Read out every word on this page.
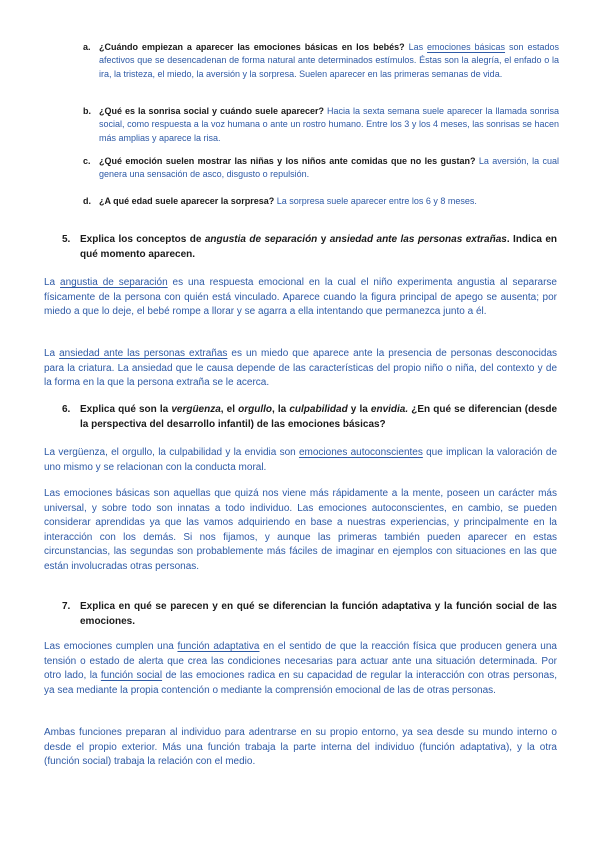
a. ¿Cuándo empiezan a aparecer las emociones básicas en los bebés? Las emociones básicas son estados afectivos que se desencadenan de forma natural ante determinados estímulos. Éstas son la alegría, el enfado o la ira, la tristeza, el miedo, la aversión y la sorpresa. Suelen aparecer en las primeras semanas de vida.
b. ¿Qué es la sonrisa social y cuándo suele aparecer? Hacia la sexta semana suele aparecer la llamada sonrisa social, como respuesta a la voz humana o ante un rostro humano. Entre los 3 y los 4 meses, las sonrisas se hacen más amplias y aparece la risa.
c. ¿Qué emoción suelen mostrar las niñas y los niños ante comidas que no les gustan? La aversión, la cual genera una sensación de asco, disgusto o repulsión.
d. ¿A qué edad suele aparecer la sorpresa? La sorpresa suele aparecer entre los 6 y 8 meses.
5. Explica los conceptos de angustia de separación y ansiedad ante las personas extrañas. Indica en qué momento aparecen.
La angustia de separación es una respuesta emocional en la cual el niño experimenta angustia al separarse físicamente de la persona con quién está vinculado. Aparece cuando la figura principal de apego se ausenta; por miedo a que lo deje, el bebé rompe a llorar y se agarra a ella intentando que permanezca junto a él.
La ansiedad ante las personas extrañas es un miedo que aparece ante la presencia de personas desconocidas para la criatura. La ansiedad que le causa depende de las características del propio niño o niña, del contexto y de la forma en la que la persona extraña se le acerca.
6. Explica qué son la vergüenza, el orgullo, la culpabilidad y la envidia. ¿En qué se diferencian (desde la perspectiva del desarrollo infantil) de las emociones básicas?
La vergüenza, el orgullo, la culpabilidad y la envidia son emociones autoconscientes que implican la valoración de uno mismo y se relacionan con la conducta moral.
Las emociones básicas son aquellas que quizá nos viene más rápidamente a la mente, poseen un carácter más universal, y sobre todo son innatas a todo individuo. Las emociones autoconscientes, en cambio, se pueden considerar aprendidas ya que las vamos adquiriendo en base a nuestras experiencias, y principalmente en la interacción con los demás. Si nos fijamos, y aunque las primeras también pueden aparecer en estas circunstancias, las segundas son probablemente más fáciles de imaginar en ejemplos con situaciones en las que están involucradas otras personas.
7. Explica en qué se parecen y en qué se diferencian la función adaptativa y la función social de las emociones.
Las emociones cumplen una función adaptativa en el sentido de que la reacción física que producen genera una tensión o estado de alerta que crea las condiciones necesarias para actuar ante una situación determinada. Por otro lado, la función social de las emociones radica en su capacidad de regular la interacción con otras personas, ya sea mediante la propia contención o mediante la comprensión emocional de las de otras personas.
Ambas funciones preparan al individuo para adentrarse en su propio entorno, ya sea desde su mundo interno o desde el propio exterior. Más una función trabaja la parte interna del individuo (función adaptativa), y la otra (función social) trabaja la relación con el medio.
